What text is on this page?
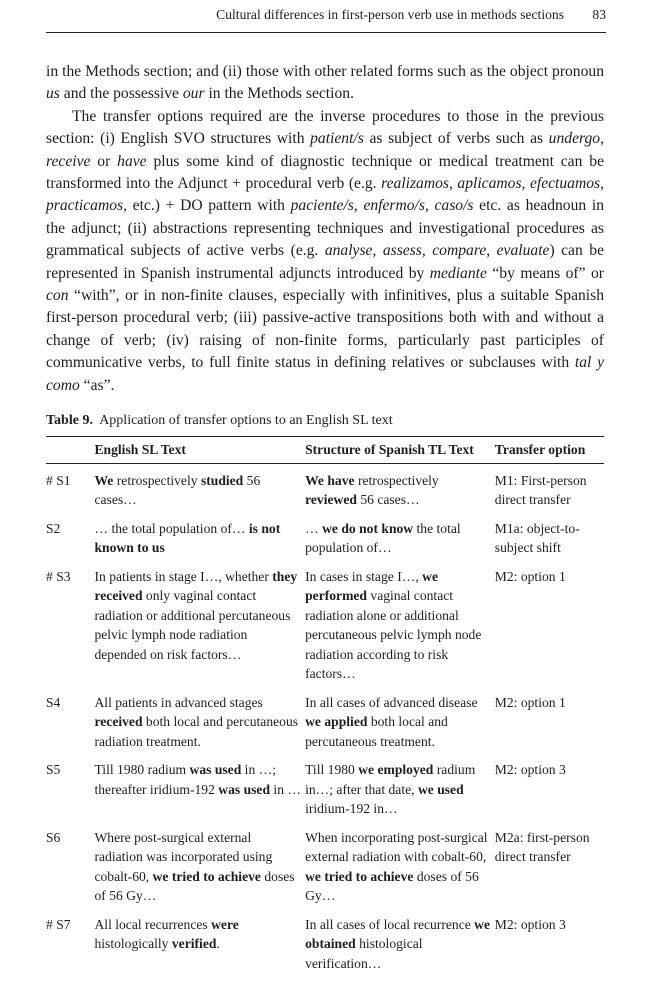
Cultural differences in first-person verb use in methods sections 83

in the Methods section; and (ii) those with other related forms such as the object pronoun us and the possessive our in the Methods section.

The transfer options required are the inverse procedures to those in the previous section: (i) English SVO structures with patient/s as subject of verbs such as undergo, receive or have plus some kind of diagnostic technique or medical treatment can be transformed into the Adjunct + procedural verb (e.g. realizamos, aplicamos, efectuamos, practicamos, etc.) + DO pattern with paciente/s, enfermo/s, caso/s etc. as headnoun in the adjunct; (ii) abstractions representing techniques and investigational procedures as grammatical subjects of active verbs (e.g. analyse, assess, compare, evaluate) can be represented in Spanish instrumental adjuncts introduced by mediante “by means of” or con “with”, or in non-finite clauses, especially with infinitives, plus a suitable Spanish first-person procedural verb; (iii) passive-active transpositions both with and without a change of verb; (iv) raising of non-finite forms, particularly past participles of communicative verbs, to full finite status in defining relatives or subclauses with tal y como “as”.

Table 9. Application of transfer options to an English SL text
	English SL Text	Structure of Spanish TL Text	Transfer option
# S1	We retrospectively studied 56 cases…	We have retrospectively reviewed 56 cases…	M1: First-person direct transfer
S2	… the total population of… is not known to us	… we do not know the total population of…	M1a: object-to-subject shift
# S3	In patients in stage I…, whether they received only vaginal contact radiation or additional percutaneous pelvic lymph node radiation depended on risk factors…	In cases in stage I…, we performed vaginal contact radiation alone or additional percutaneous pelvic lymph node radiation according to risk factors…	M2: option 1
S4	All patients in advanced stages received both local and percutaneous radiation treatment.	In all cases of advanced disease we applied both local and percutaneous treatment.	M2: option 1
S5	Till 1980 radium was used in …; thereafter iridium-192 was used in …	Till 1980 we employed radium in…; after that date, we used iridium-192 in…	M2: option 3
S6	Where post-surgical external radiation was incorporated using cobalt-60, we tried to achieve doses of 56 Gy…	When incorporating post-surgical external radiation with cobalt-60, we tried to achieve doses of 56 Gy…	M2a: first-person direct transfer
# S7	All local recurrences were histologically verified.	In all cases of local recurrence we obtained histological verification…	M2: option 3
